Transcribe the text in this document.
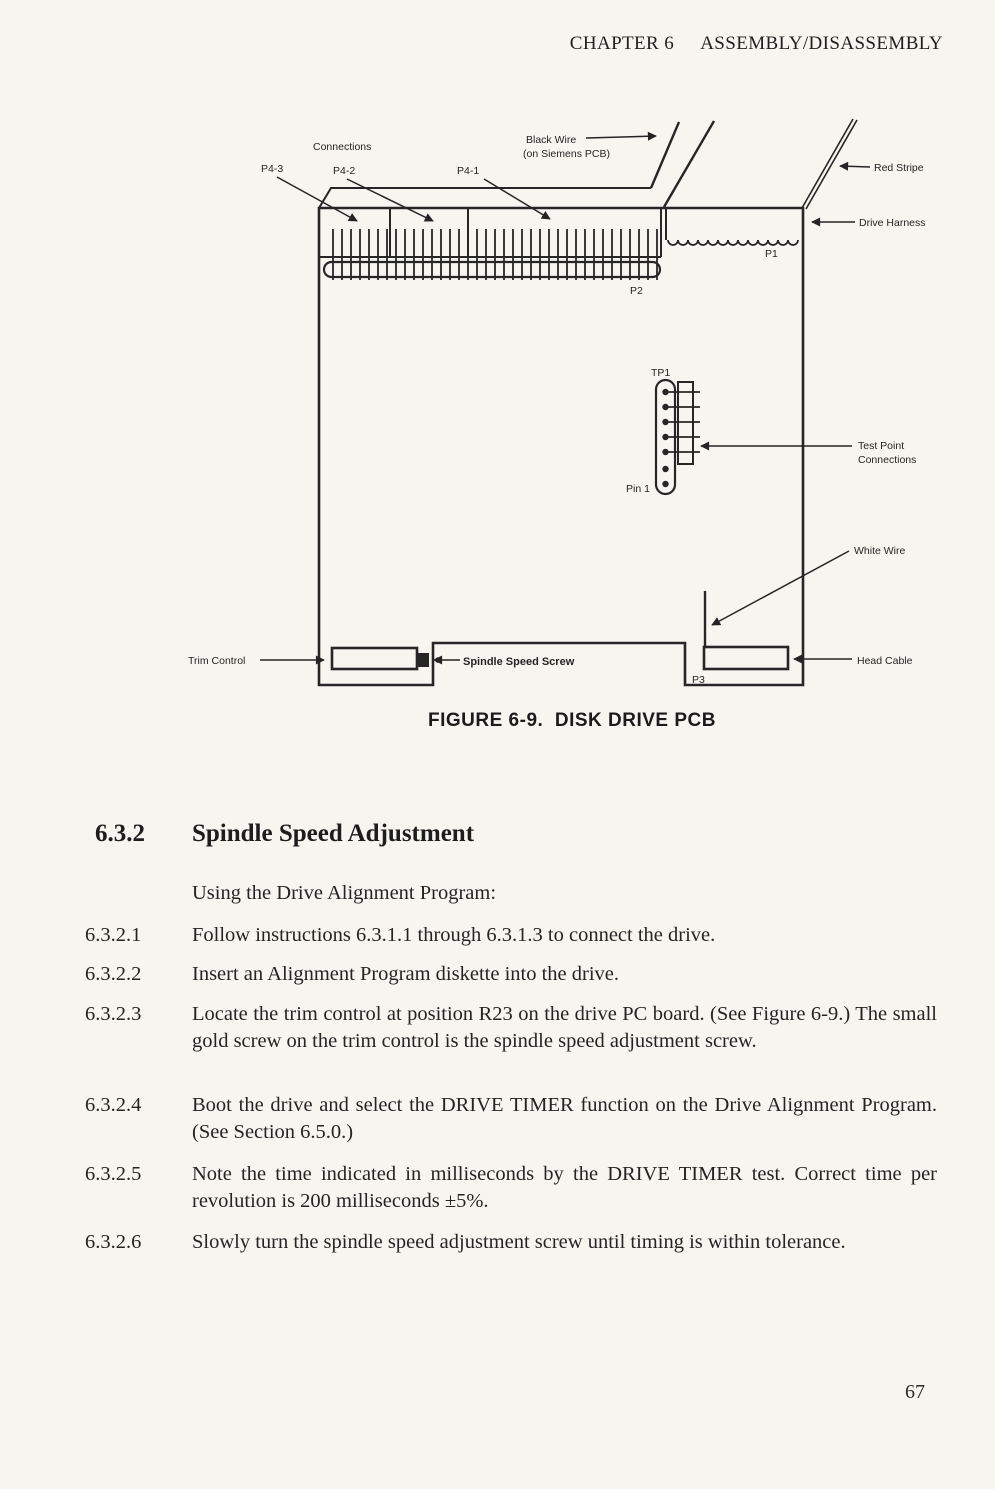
CHAPTER 6 ASSEMBLY/DISASSEMBLY
Connections
P4-3	P4-2	P4-1
Black Wire
(on Siemens PCB)
Red Stripe
Drive Harness
P1
P2
TP1
Test Point
Connections
Pin 1
White Wire
Trim Control	Spindle Speed Screw	Head Cable
P3
FIGURE 6-9.  DISK DRIVE PCB
6.3.2	Spindle Speed Adjustment
Using the Drive Alignment Program:
6.3.2.1	Follow instructions 6.3.1.1 through 6.3.1.3 to connect the drive.
6.3.2.2	Insert an Alignment Program diskette into the drive.
6.3.2.3	Locate the trim control at position R23 on the drive PC board. (See Figure 6-9.) The small gold screw on the trim control is the spindle speed adjustment screw.
6.3.2.4	Boot the drive and select the DRIVE TIMER function on the Drive Alignment Program. (See Section 6.5.0.)
6.3.2.5	Note the time indicated in milliseconds by the DRIVE TIMER test. Correct time per revolution is 200 milliseconds ±5%.
6.3.2.6	Slowly turn the spindle speed adjustment screw until timing is within tolerance.
67
